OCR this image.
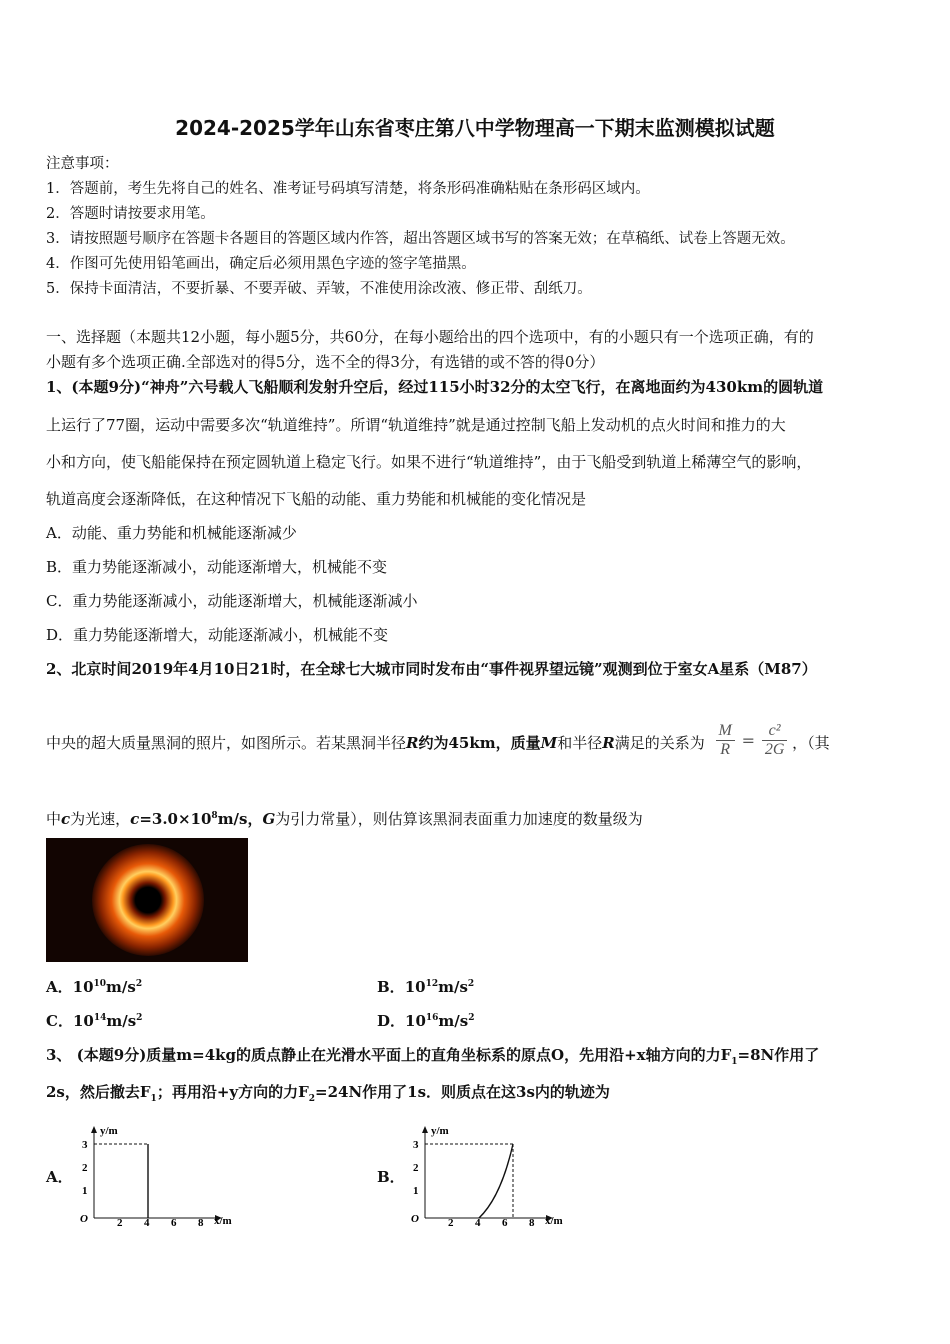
2024-2025学年山东省枣庄第八中学物理高一下期末监测模拟试题
注意事项：
1．答题前，考生先将自己的姓名、准考证号码填写清楚，将条形码准确粘贴在条形码区域内。
2．答题时请按要求用笔。
3．请按照题号顺序在答题卡各题目的答题区域内作答，超出答题区域书写的答案无效；在草稿纸、试卷上答题无效。
4．作图可先使用铅笔画出，确定后必须用黑色字迹的签字笔描黑。
5．保持卡面清洁，不要折暴、不要弄破、弄皱，不准使用涂改液、修正带、刮纸刀。
一、选择题（本题共12小题，每小题5分，共60分，在每小题给出的四个选项中，有的小题只有一个选项正确，有的
小题有多个选项正确.全部选对的得5分，选不全的得3分，有选错的或不答的得0分）
1、(本题9分)“神舟”六号载人飞船顺利发射升空后，经过115小时32分的太空飞行，在离地面约为430km的圆轨道
上运行了77圈，运动中需要多次“轨道维持”。所谓“轨道维持”就是通过控制飞船上发动机的点火时间和推力的大
小和方向，使飞船能保持在预定圆轨道上稳定飞行。如果不进行“轨道维持”，由于飞船受到轨道上稀薄空气的影响，
轨道高度会逐渐降低，在这种情况下飞船的动能、重力势能和机械能的变化情况是
A．动能、重力势能和机械能逐渐减少
B．重力势能逐渐减小，动能逐渐增大，机械能不变
C．重力势能逐渐减小，动能逐渐增大，机械能逐渐减小
D．重力势能逐渐增大，动能逐渐减小，机械能不变
2、北京时间2019年4月10日21时，在全球七大城市同时发布由“事件视界望远镜”观测到位于室女A星系（M87）
中央的超大质量黑洞的照片，如图所示。若某黑洞半径R约为45km，质量M和半径R满足的关系为 $\frac{M}{R} = \frac{\text{c²}}{2G}$ ，（其
中c为光速，$c=3.0\times 10^8m/s$，G为引力常量），则估算该黑洞表面重力加速度的数量级为
A．$10^{10}m/s^2$	B．$10^{12}m/s^2$
C．$10^{14}m/s^2$	D．$10^{16}m/s^2$
3、 (本题9分)质量m=4kg的质点静止在光滑水平面上的直角坐标系的原点O，先用沿+x轴方向的力$F_1=8N$作用了
2s，然后撤去$F_1$；再用沿+y方向的力$F_2=24N$作用了1s．则质点在这3s内的轨迹为
A．
y/m
x/m
O
1
2
3
2 4 6 8
B．
y/m
x/m
O
1
2
3
2 4 6 8
